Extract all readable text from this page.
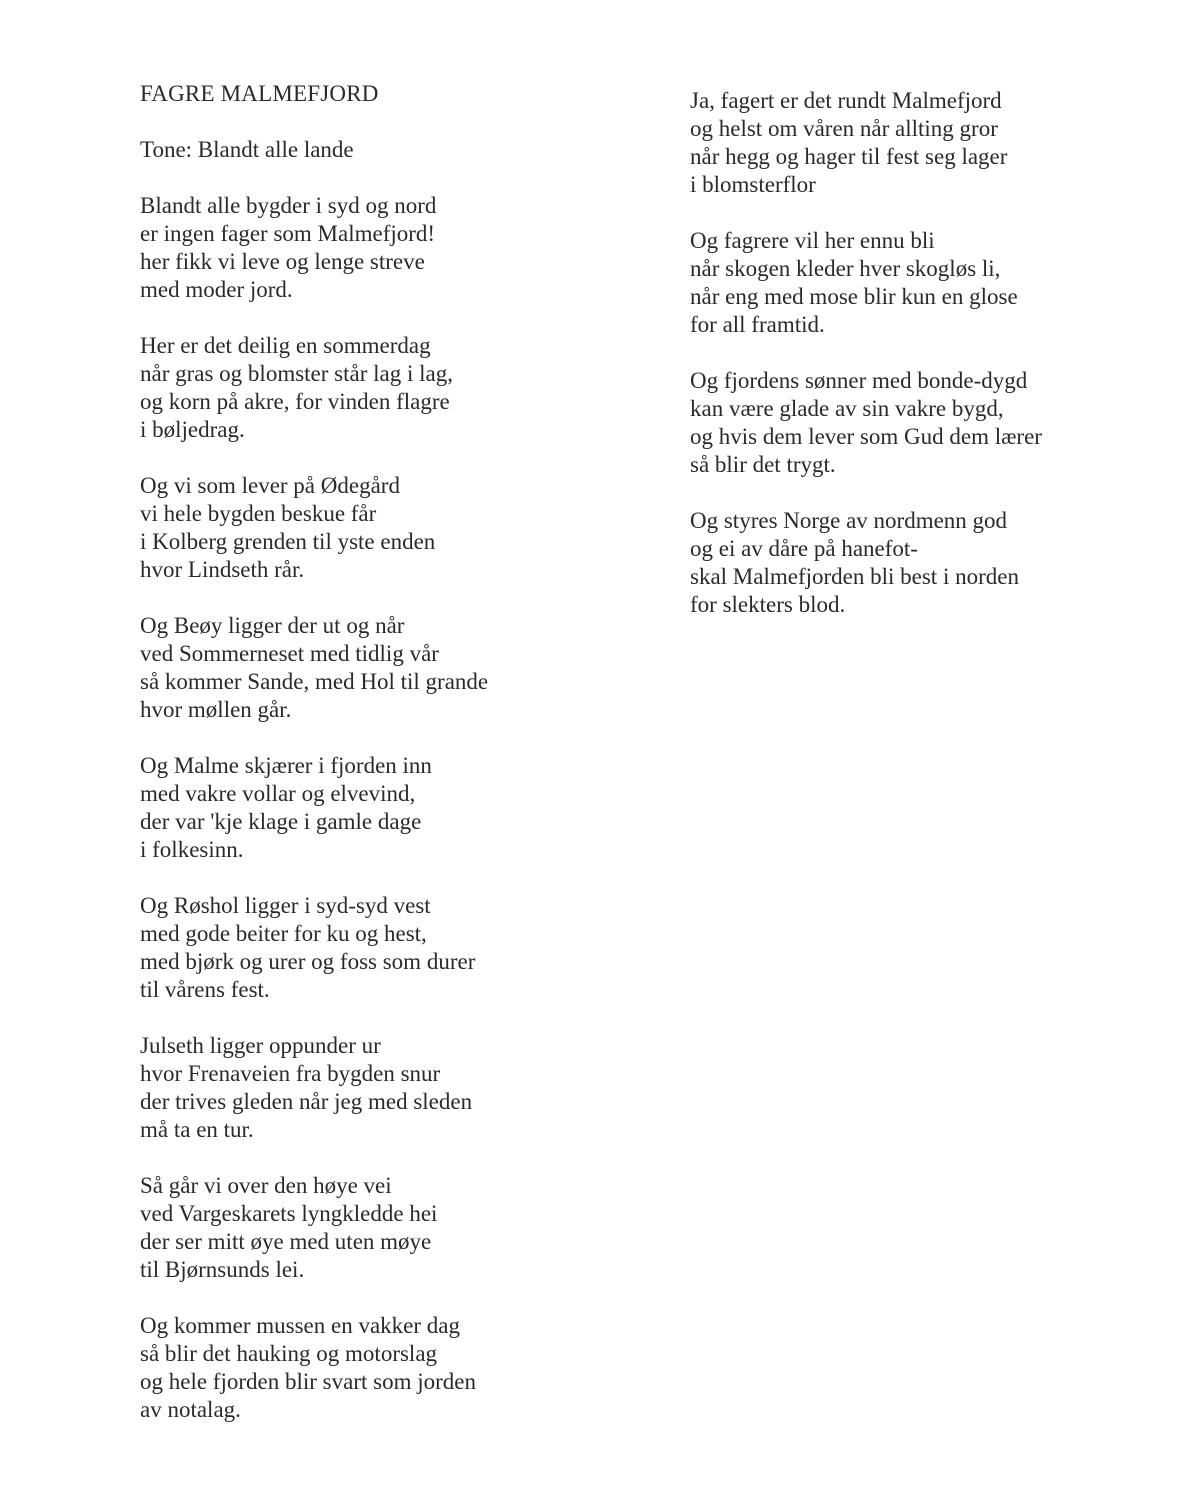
FAGRE MALMEFJORD
Tone: Blandt alle lande
Blandt alle bygder i syd og nord
er ingen fager som Malmefjord!
her fikk vi leve og lenge streve
med moder jord.
Her er det deilig en sommerdag
når gras og blomster står lag i lag,
og korn på akre, for vinden flagre
i bøljedrag.
Og vi som lever på Ødegård
vi hele bygden beskue får
i Kolberg grenden til yste enden
hvor Lindseth rår.
Og Beøy ligger der ut og når
ved Sommerneset med tidlig vår
så kommer Sande, med Hol til grande
hvor møllen går.
Og Malme skjærer i fjorden inn
med vakre vollar og elvevind,
der var 'kje klage i gamle dage
i folkesinn.
Og Røshol ligger i syd-syd vest
med gode beiter for ku og hest,
med bjørk og urer og foss som durer
til vårens fest.
Julseth ligger oppunder ur
hvor Frenaveien fra bygden snur
der trives gleden når jeg med sleden
må ta en tur.
Så går vi over den høye vei
ved Vargeskarets lyngkledde hei
der ser mitt øye med uten møye
til Bjørnsunds lei.
Og kommer mussen en vakker dag
så blir det hauking og motorslag
og hele fjorden blir svart som jorden
av notalag.
Ja, fagert er det rundt Malmefjord
og helst om våren når allting gror
når hegg og hager til fest seg lager
i blomsterflor
Og fagrere vil her ennu bli
når skogen kleder hver skogløs li,
når eng med mose blir kun en glose
for all framtid.
Og fjordens sønner med bonde-dygd
kan være glade av sin vakre bygd,
og hvis dem lever som Gud dem lærer
så blir det trygt.
Og styres Norge av nordmenn god
og ei av dåre på hanefot-
skal Malmefjorden bli best i norden
for slekters blod.
